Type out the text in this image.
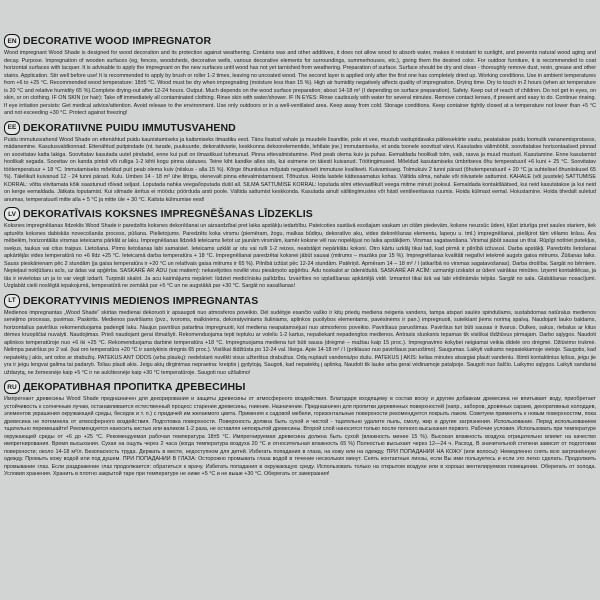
EN DECORATIVE WOOD IMPREGNATOR

Wood impregnant Wood Shade is designed for wood decoration and its protection against weathering. Contains wax and other additives, it does not allow wood to absorb water, makes it resistant to sunlight, and prevents natural wood aging and decay. Purpose. Impregnation of wooden surfaces (eg, fences, woodsheds, decorative wells, various decorative elements for surroundings, summerhouses, etc.), giving them the desired color. For outdoor furniture, it is recommended to coat horizontal surfaces with lacquer. It is advisable to apply the impregnant on the new surfaces until wood has not yet tarnished from weathering. Preparation of surface. Surface should be dry and clean - thoroughly remove dust, resin, grease and other stains. Application. Stir well before use! It is recommended to apply by brush or roller 1-2 times, leaving no uncoated wood. The second layer is applied only after the first one has completely dried up. Working conditions. Use in ambient temperatures from +6 to +25 °C. Recommended wood temperature: 18±5 °C. Wood must be dry when impregnating (moisture less than 15 %). High air humidity negatively affects quality of impregnation. Drying time. Dry to touch in 2 hours (when air temperature is 20 °C and relative humidity 65 %).Complete drying-out after 12-24 hours. Output. Much depends on the wood surface preparation; about 14-18 m² (I depending on surface preparation). Safety. Keep out of reach of children. Do not get in eyes, on skin, or on clothing. IF ON SKIN (or hair): Take off immediately all contaminated clothing. Rinse skin with water/shower. IF IN EYES: Rinse cautiously with water for several minutes. Remove contact lenses, if present and easy to do. Continue rinsing. If eye irritation persists: Get medical advice/attention. Avoid release to the environment. Use only outdoors or in a well-ventilated area. Keep away from cold. Storage conditions. Keep container tightly closed at a temperature not lower than +5 °C and not exceeding +30 °C. Protect against freezing!

EE DEKORATIIVNE PUIDU IMMUTUSVAHEND

Puidu immutusvahend Wood Shade on ettenähtud puidu kaunistamiseks ja kaitsmiseks ilmastiku eest. Tänu lisatud vahale ja muudele lisandite, pole et vee, muutub vastupidavaks päikesekiirte vastu, peatatakse puidu loomulik vananemisprotsess, mädanemine. Kasutusvaldkonnad. Ettenähtud puitpindade (nt. tarade, puukuurde, dekoratiivsete, keskkonna dekoorelementide, lehtlate jne.) immutamiseks, et anda toonele soovitud värvi. Kasutades välimööbli, soovitatakse horisontaalsed pinnad on soovitatav katta lakiga. Soovitatav kasutada uutel pindadel, enne kui puit on ilmastikust tuhmunud. Pinna ettevalmistamine. Pind peab olema kuiv ja puhas. Eemaldada hoolikalt tolm, vaik, rasva ja muud mustust. Kasutamine. Enne kasutamist hoolikalt segada. Soovitav on kanda pintsli või rulliga 1-2 kihti kogu pinna ulatuses. Teine kiht kandke alles siis, kui esimene on täiesti kuivanud. Töötingimused. Mõeldud kasutamiseks ümbritseva õhu temperatuuril +6 kuni + 25 °C. Soovitatav töötemperatuur + 18 °C. Immutamiseks mõeldud puit peab olema kuiv (niiskus - alla 15 %). Kõrge õhuniiskus mõjutab negatiivselt immutuse kvaliteeti. Kuivamisaeg. Tolmukuiv 2 tunni pärast (õhutemperatuuril + 20 °C ja suhtelisel õhuniiskusel 65 %). Täielikult kuivanud 12 - 24 tunni pärast. Kulu. Umbes 14 - 18 m² ühe liitriga, olenevalt pinna ettevalmistamisest. Tõhustus. Hoida lastele kättesaamatus kohas. Vältida silma, nahale või riiivastele sattumist. KAHALE (või juustele) SATTUMISE KORRAL: võtta viivitamata kõik saastunud rõivad seljast. Loputada nahka veega/loputada dušil all. SILMA SATTUMISE KORRAL: loputada silmi ettevaatlikult veega mitme minuti jooksul. Eemaldada kontaktläätsed, kui neid kasutatakse ja kui neid on kerge eemaldada. Jätkata loputamist. Kui silmade ärritus ei möödu: pöörduda arsti poole. Vältida sattumist keskkonda. Kasutada ainult välitingimustes või hästi ventileeritavas ruumis. Hoida külmast eemal. Hoiustamine. Hoida tihedalt suletud anumas, temperatuuril mitte alla + 5 °C ja mitte üle + 30 °C. Kaitsta külmumise eest!

LV DEKORATĪVAIS KOKSNES IMPREGNĒŠANAS LĪDZEKLIS

Koksnes impregnēšanas līdzeklis Wood Shade ir paredzēts koksnes dekorēšanai un aizsardzībai pret laika apstākļu iedarbību. Pateicoties sastāvā esošajam vaskam un citām piedevām, koksne neuzsūc ūdeni, kļūst izturīga pret saules stariem, tiek apturēts koksnes dabiskās novecošanās process, pūšana. Pielietojums. Paredzēts koka virsmu (piemēram, žogu, malkas būdiņu, dekoratīvo aku, vides dekorēšanas elementu, lapeņu u. tml.) impregnēšanai, piešķirot tām vēlamo krāsu. Āra mēbelēm, horizontālās virsmas ieteicams pārklāt ar laku. Impregnēšanas līdzekli ieteicams lietot uz jaunām virsmām, kamēr koksne vēl nav nopelējusi no laika apstākļiem. Virsmas sagatavošana. Virsmai jābūt sausai un tīrai. Rūpīgi notīriet putekļus, sveķus, taukus vai citus traipus. Lietošana. Pirms lietošanas labi samaisiet. Ieteicams uzklāt ar otu vai rulli 1-2 reizes, neatstājot nepārklātu koksni. Otro kārtu uzklāj tikai tad, kad pirmā ir pilnībā izžuvusi. Darba apstākļi. Paredzēts lietošanai apkārtējās vides temperatūrā no +6 līdz +25 °C. Ieteicamā darba temperatūra + 18 °C. Impregnēšanai paredzētai koksnei jābūt sausai (mitrums – mazāks par 15 %). Impregnēšanas kvalitāti negatīvi ietekmē augsts gaisa mitrums. Žūšanas laiks. Sauss pieskārienam pēc 2 stundām (ja gaisa temperatūra ir +20 °C un relatīvais gaisa mitrums ir 65 %). Pilnībā izžūst pēc 12-24 stundām. Patēriņš. Apmēram 14 – 18 m² / l (atkarībā no virsmas sagatavošanas). Darba drošība. Sargāt no bērniem. Nepieļaut nokļūšanu acīs, uz ādas vai apģērba. SASKARĒ AR ĀDU (vai matiem): nekavējoties novilkt visu piesārņoto apģērbu. Ādu noskalot ar ūdeni/dušā. SASKARĒ AR ACĪM: uzmanīgi izskalot ar ūdeni vairākas minūtes. Izņemt kontaktlēcas, ja tās ir ievietotas un ja to var viegli izdarīt. Turpināt skalot. Ja acu kairinājums nepāriet: lūdziet medicīnisku palīdzību. Izvairīties no izplatīšanas apkārtējā vidē. Izmantot tikai ārā vai labi vēdināmās telpās. Sargāt no sala. Glabāšanas nosacījumi. Uzglabāt cieši noslēgtā iepakojumā, temperatūrā ne zemākā par +5 °C un ne augstākā par +30 °C. Sargāt no sasalšanas!

LT DEKORATYVINIS MEDIENOS IMPREGNANTAS

Medienos impregnantas „Wood Shade“ skirtas medienai dekoruoti ir apsaugoti nuo atmosferos poveikio. Dėl sudėtyje esančio vaško ir kitų priedų mediena neigeria vandens, tampa atspari saulės spinduliams, sustabdomas natūralus medienos senėjimo procesas, puvimas. Paskirtis. Medienos paviršiams (pvz., tvoroms, malkinėms, dekoratyviniams šuliniams, aplinkos puošybos elementams, pavėsinėms ir pan.) impregnuoti, suteikiant jiems norimą spalvą. Naudojant lauko baldams, horizontalius paviršius rekomenduojama padengti laku. Naujus paviršius patartina impregnuoti, kol mediena neapatamsėjusi nuo atmosferos poveikio. Paviršiaus paruošimas. Paviršius turi būti sausas ir švarus. Dulkes, sakus, riebalus ar kitus dėmes kruopščiai nuvalyti. Naudojimas. Prieš naudojant gerai išmaišyti. Rekomenduojama tepti teptuku ar voleliu 1-2 kartus, nepaliekant nepadengtos medienos. Antrasis sluoksnis tepamas tik visiškai išdžiūvus pirmajam. Darbo sąlygos. Naudoti aplinkos temperatūroje nuo +6 iki +25 °C. Rekomenduojama darbinė temperatūra +18 °C. Impregnuojama mediena turi būti sausa (drėgmė – mažiau kaip 15 proc.). Impregnavimo kokybei neigiamai veikia didelė oro drėgmė. Džiūvimo trukmė. Nelimpa paviršius po 2 val. (kai oro temperatūra +20 °C ir santykinis drėgnis 65 proc.). Visiškai išdžiūsta po 12-24 val. Išeiga. Apie 14-18 m² / l (priklauso nuo paviršiaus paruošimo). Saugumas. Laikyti vaikams nepasiekiamoje vietoje. Saugotis, kad nepatektų į akis, ant odos ar drabužių. PATEKUS ANT ODOS (arba plaukų): nedelsiant nuvilkti visus užterštus drabužius. Odą nuplauti vandeniu/po dušu. PATEKUS Į AKIS: kelias minutes atsargiai plauti vandeniu. Išimti kontaktinius lęšius, jeigu jie yra ir jeigu lengvai galima tai padaryti. Toliau plauti akis. Jeigu akių dirginimas nepraeina: kreiptis į gydytoją. Saugoti, kad nepatektų į aplinką. Naudoti tik lauke arba gerai vėdinamoje patalpoje. Saugoti nuo šalčio. Laikymo sąlygos. Laikyti sandariai uždarytą, ne žemesnėje kaip +5 °C ir ne aukštesnėje kaip +30 °C temperatūroje. Saugoti nuo užšalimo!

RU ДЕКОРАТИВНАЯ ПРОПИТКА ДРЕВЕСИНЫ

Импрегнант древесины Wood Shade предназначен для декорирования и защиты древесины от атмосферного воздействия. Благодаря входящему в состав воску и другим добавкам древесина не впитывает воду, приобретает устойчивость к солнечным лучам, останавливается естественный процесс старения древесины, гниение. Назначение. Предназначен для пропитки деревянных поверхностей (напр., заборов, дровяных сараев, декоративных колодцев, элементов украшения окружающей среды, беседок и т. п.) с придачей им желаемого цвета. Применяя к садовой мебели, горизонтальные поверхности рекомендуется покрыть лаком. Советуем применять к новым поверхностям, пока древесина не потемнела от атмосферного воздействия. Подготовка поверхности. Поверхность должна быть сухой и чистой - тщательно удалите пыль, смолу, жир и другие загрязнения. Использование. Перед использованием тщательно перемешайте! Рекомендуется наносить кистью или валиком 1-2 раза, не оставляя непокрытой древесины. Второй слой наносится только после полного высыхания первого. Рабочие условия. Использовать при температуре окружающей среды от +6 до +25 °C. Рекомендуемая рабочая температура 18±5 °C. Импрегнируемая древесина должна быть сухой (влажность менее 15 %). Высокая влажность воздуха отрицательно влияет на качество импрегнирования. Время высыхания. Сухая на ощупь через 2 часа (когда температура воздуха 20 °C и относительная влажность 65 %) Полностью высыхает через 12—24 ч. Расход. В значительной степени зависит от подготовки поверхности; около 14-18 м²/л. Безопасность труда. Держать в месте, недоступном для детей. Избегать попадания в глаза, на кожу или на одежду. ПРИ ПОПАДАНИИ НА КОЖУ (или волосы): Немедленно снять всю загрязнённую одежду. Промыть кожу водой или под душем. ПРИ ПОПАДАНИИ В ГЛАЗА: Осторожно промывать глаза водой в течение нескольких минут. Снять контактные линзы, если Вы ими пользуетесь и если это легко сделать. Продолжить промывание глаз. Если раздражение глаз продолжается: обратиться к врачу. Избегать попадания в окружающую среду. Использовать только на открытом воздухе или в хорошо вентилируемом помещении. Оберегать от холода. Условия хранения. Хранить в плотно закрытой таре при температуре не ниже +5 °C и не выше +30 °C. Оберегать от замерзания!
